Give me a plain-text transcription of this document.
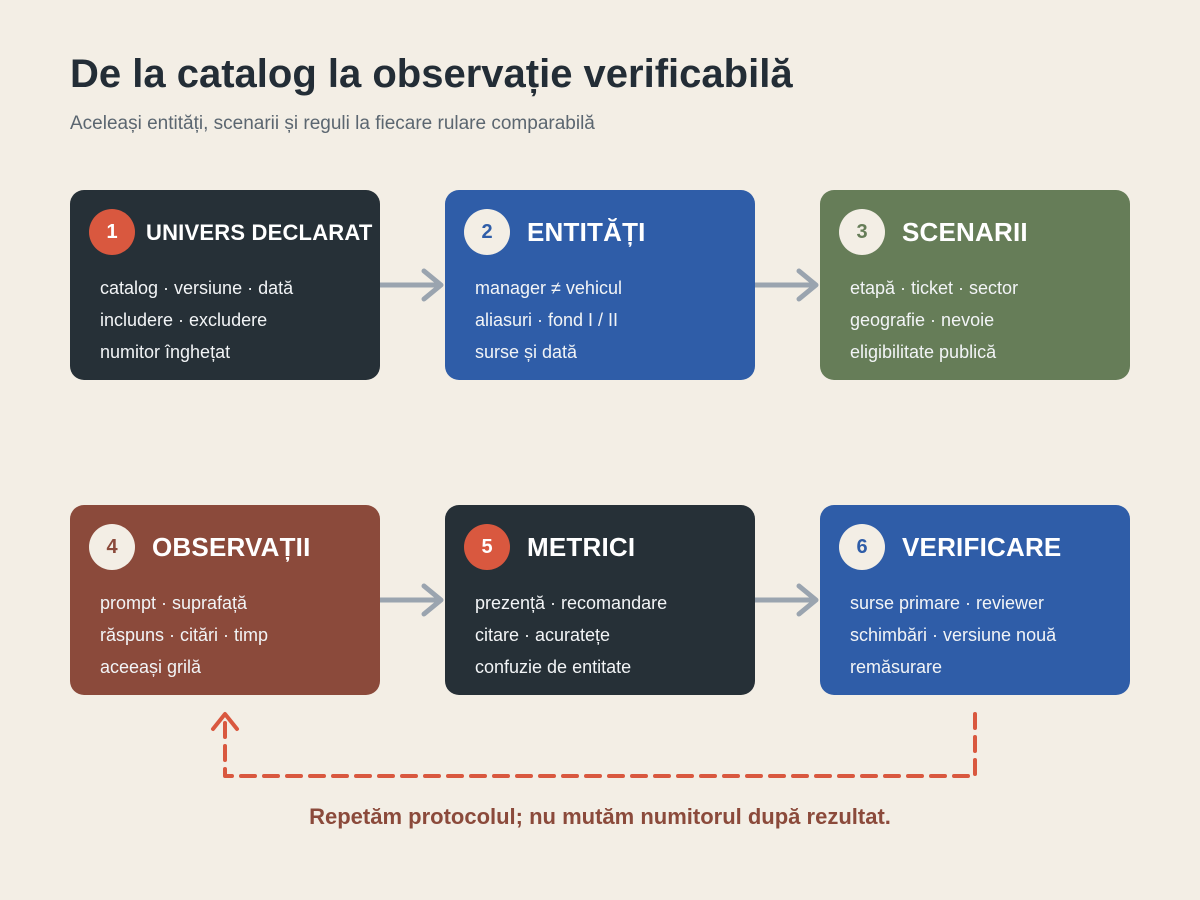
De la catalog la observație verificabilă

Aceleași entități, scenarii și reguli la fiecare rulare comparabilă

1	UNIVERS DECLARAT
catalog · versiune · dată
includere · excludere
numitor înghețat
2	ENTITĂȚI
manager ≠ vehicul
aliasuri · fond I / II
surse și dată
3	SCENARII
etapă · ticket · sector
geografie · nevoie
eligibilitate publică
4	OBSERVAȚII
prompt · suprafață
răspuns · citări · timp
aceeași grilă
5	METRICI
prezență · recomandare
citare · acuratețe
confuzie de entitate
6	VERIFICARE
surse primare · reviewer
schimbări · versiune nouă
remăsurare

Repetăm protocolul; nu mutăm numitorul după rezultat.
